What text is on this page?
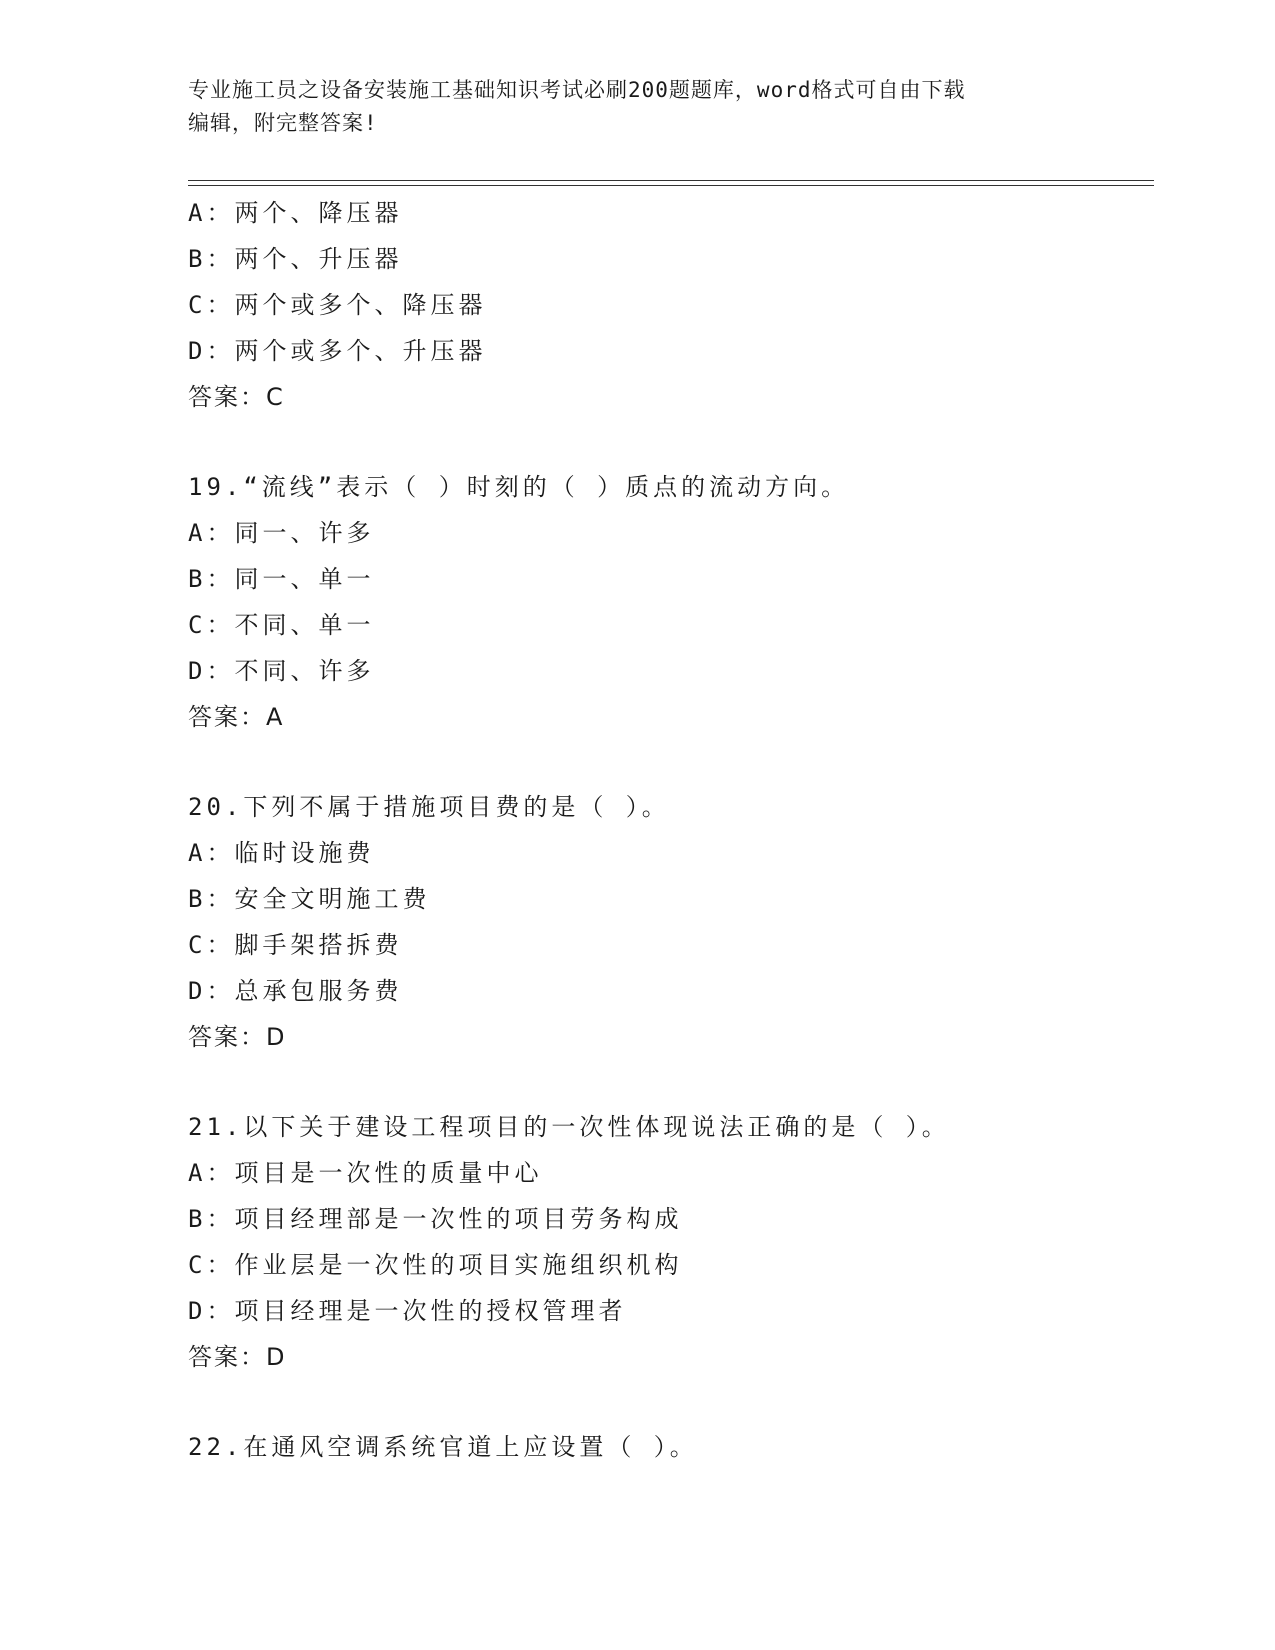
专业施工员之设备安装施工基础知识考试必刷200题题库，word格式可自由下载
编辑，附完整答案!
A：两个、降压器
B：两个、升压器
C：两个或多个、降压器
D：两个或多个、升压器
答案：C
19.“流线”表示（ ）时刻的（ ）质点的流动方向。
A：同一、许多
B：同一、单一
C：不同、单一
D：不同、许多
答案：A
20.下列不属于措施项目费的是（ ）。
A：临时设施费
B：安全文明施工费
C：脚手架搭拆费
D：总承包服务费
答案：D
21.以下关于建设工程项目的一次性体现说法正确的是（ ）。
A：项目是一次性的质量中心
B：项目经理部是一次性的项目劳务构成
C：作业层是一次性的项目实施组织机构
D：项目经理是一次性的授权管理者
答案：D
22.在通风空调系统官道上应设置（ ）。
